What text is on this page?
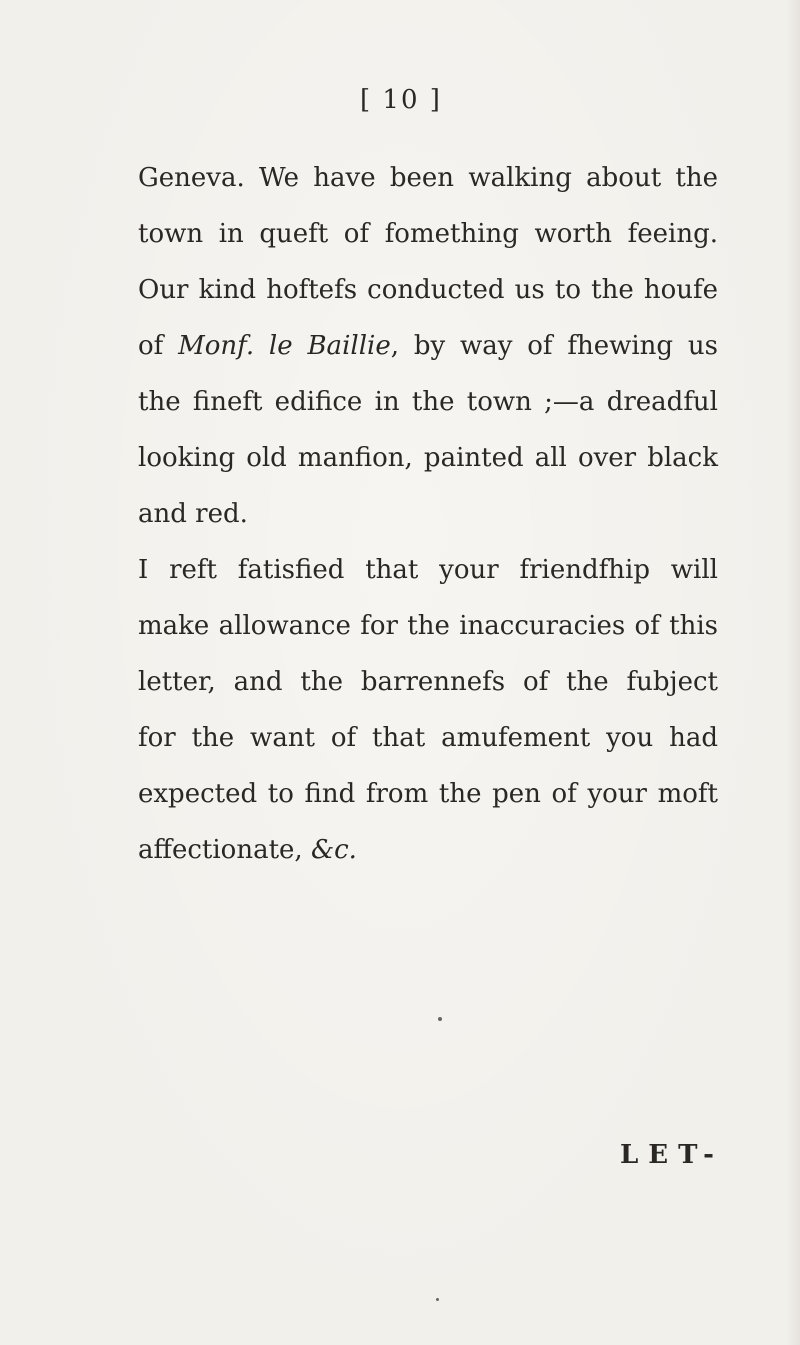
[ 10 ]
Geneva. We have been walking about the
town in queft of fomething worth feeing.
Our kind hoftefs conducted us to the houfe
of Monf. le Baillie, by way of fhewing us
the fineft edifice in the town ;—a dreadful
looking old manfion, painted all over black
and red.
I reft fatisfied that your friendfhip will
make allowance for the inaccuracies of this
letter, and the barrennefs of the fubject
for the want of that amufement you had
expected to find from the pen of your moft
affectionate, &c.
LET-
